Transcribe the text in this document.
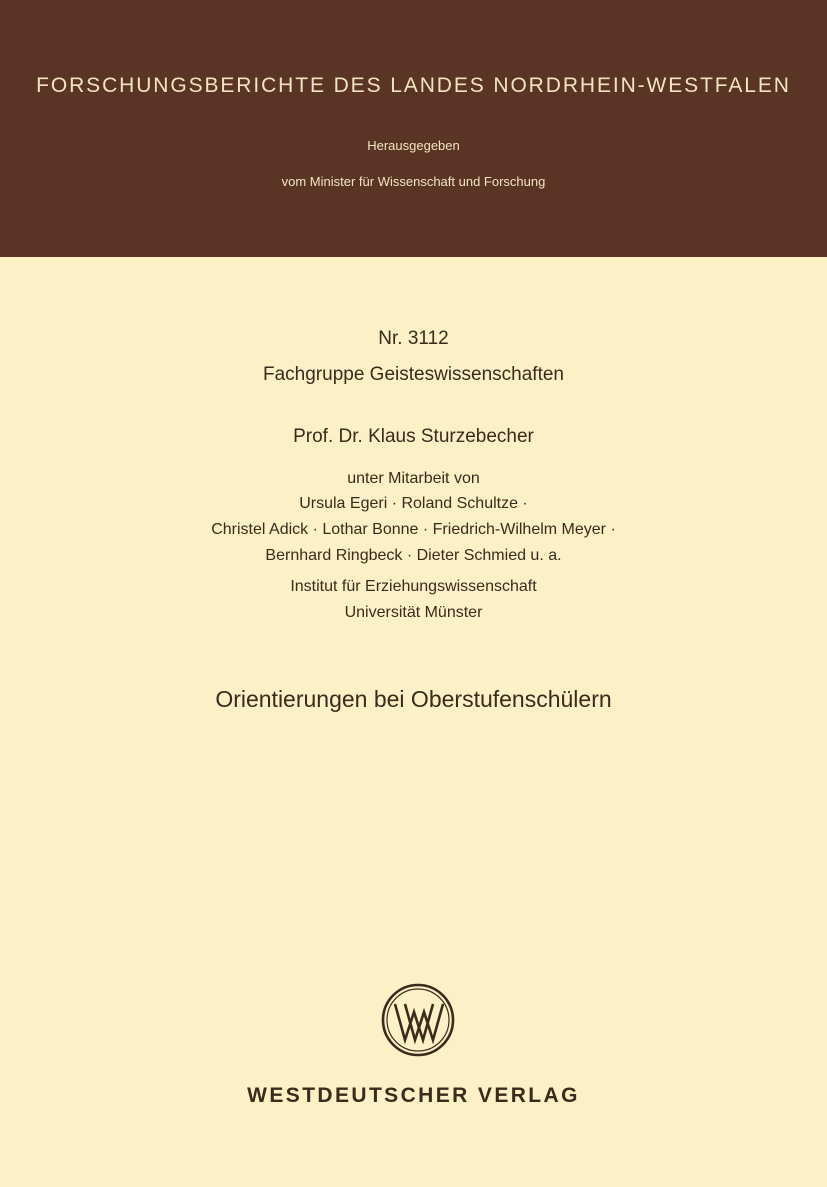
FORSCHUNGSBERICHTE DES LANDES NORDRHEIN-WESTFALEN
Herausgegeben
vom Minister für Wissenschaft und Forschung
Nr. 3112
Fachgruppe Geisteswissenschaften
Prof. Dr. Klaus Sturzebecher
unter Mitarbeit von
Ursula Egeri · Roland Schultze ·
Christel Adick · Lothar Bonne · Friedrich-Wilhelm Meyer ·
Bernhard Ringbeck · Dieter Schmied u. a.
Institut für Erziehungswissenschaft
Universität Münster
Orientierungen bei Oberstufenschülern
WESTDEUTSCHER VERLAG
